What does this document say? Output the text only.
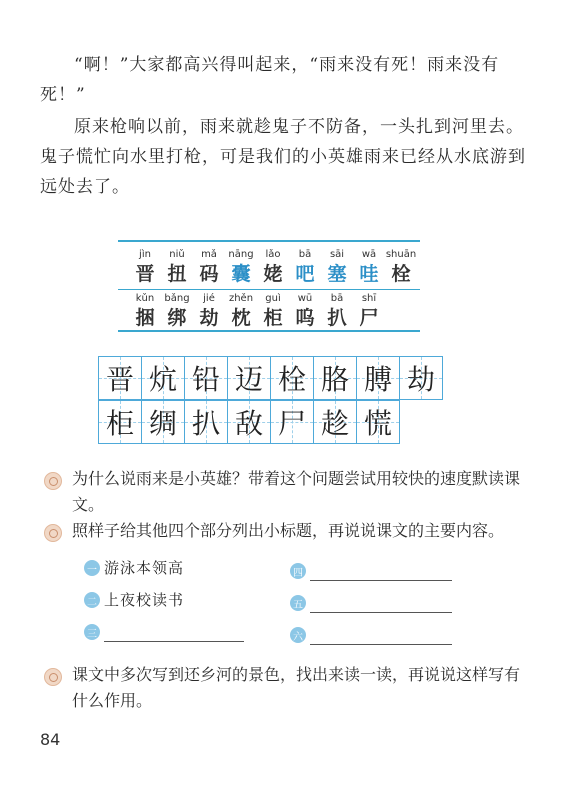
“啊！”大家都高兴得叫起来，“雨来没有死！雨来没有死！”

原来枪响以前，雨来就趁鬼子不防备，一头扎到河里去。鬼子慌忙向水里打枪，可是我们的小英雄雨来已经从水底游到远处去了。

jìn
晋
niǔ
扭
mǎ
码
nāng
囊
lǎo
姥
bā
吧
sāi
塞
wā
哇
shuān
栓
kǔn
捆
bǎng
绑
jié
劫
zhěn
枕
guì
柜
wū
呜
bā
扒
shī
尸
晋 炕 铅 迈 栓 胳 膊 劫
柜 绸 扒 敌 尸 趁 慌

为什么说雨来是小英雄？带着这个问题尝试用较快的速度默读课文。

照样子给其他四个部分列出小标题，再说说课文的主要内容。

一 游泳本领高
二 上夜校读书
三
四
五
六

课文中多次写到还乡河的景色，找出来读一读，再说说这样写有什么作用。

84
